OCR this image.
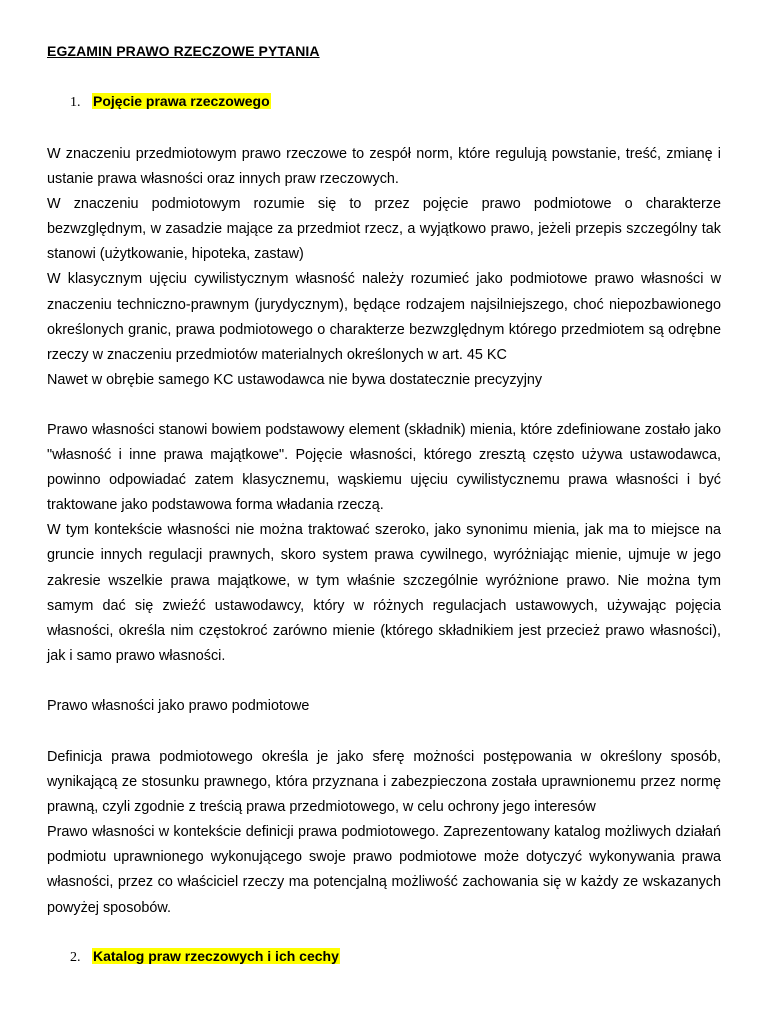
EGZAMIN PRAWO RZECZOWE PYTANIA
1. Pojęcie prawa rzeczowego
W znaczeniu przedmiotowym prawo rzeczowe to zespół norm, które regulują powstanie, treść, zmianę i ustanie prawa własności oraz innych praw rzeczowych.
W znaczeniu podmiotowym rozumie się to przez pojęcie prawo podmiotowe o charakterze bezwzględnym, w zasadzie mające za przedmiot rzecz, a wyjątkowo prawo, jeżeli przepis szczególny tak stanowi (użytkowanie, hipoteka, zastaw)
W klasycznym ujęciu cywilistycznym własność należy rozumieć jako podmiotowe prawo własności w znaczeniu techniczno-prawnym (jurydycznym), będące rodzajem najsilniejszego, choć niepozbawionego określonych granic, prawa podmiotowego o charakterze bezwzględnym którego przedmiotem są odrębne rzeczy w znaczeniu przedmiotów materialnych określonych w art. 45 KC
Nawet w obrębie samego KC ustawodawca nie bywa dostatecznie precyzyjny
Prawo własności stanowi bowiem podstawowy element (składnik) mienia, które zdefiniowane zostało jako "własność i inne prawa majątkowe". Pojęcie własności, którego zresztą często używa ustawodawca, powinno odpowiadać zatem klasycznemu, wąskiemu ujęciu cywilistycznemu prawa własności i być traktowane jako podstawowa forma władania rzeczą.
W tym kontekście własności nie można traktować szeroko, jako synonimu mienia, jak ma to miejsce na gruncie innych regulacji prawnych, skoro system prawa cywilnego, wyróżniając mienie, ujmuje w jego zakresie wszelkie prawa majątkowe, w tym właśnie szczególnie wyróżnione prawo. Nie można tym samym dać się zwieźć ustawodawcy, który w różnych regulacjach ustawowych, używając pojęcia własności, określa nim częstokroć zarówno mienie (którego składnikiem jest przecież prawo własności), jak i samo prawo własności.
Prawo własności jako prawo podmiotowe
Definicja prawa podmiotowego określa je jako sferę możności postępowania w określony sposób, wynikającą ze stosunku prawnego, która przyznana i zabezpieczona została uprawnionemu przez normę prawną, czyli zgodnie z treścią prawa przedmiotowego, w celu ochrony jego interesów
Prawo własności w kontekście definicji prawa podmiotowego. Zaprezentowany katalog możliwych działań podmiotu uprawnionego wykonującego swoje prawo podmiotowe może dotyczyć wykonywania prawa własności, przez co właściciel rzeczy ma potencjalną możliwość zachowania się w każdy ze wskazanych powyżej sposobów.
2. Katalog praw rzeczowych i ich cechy
